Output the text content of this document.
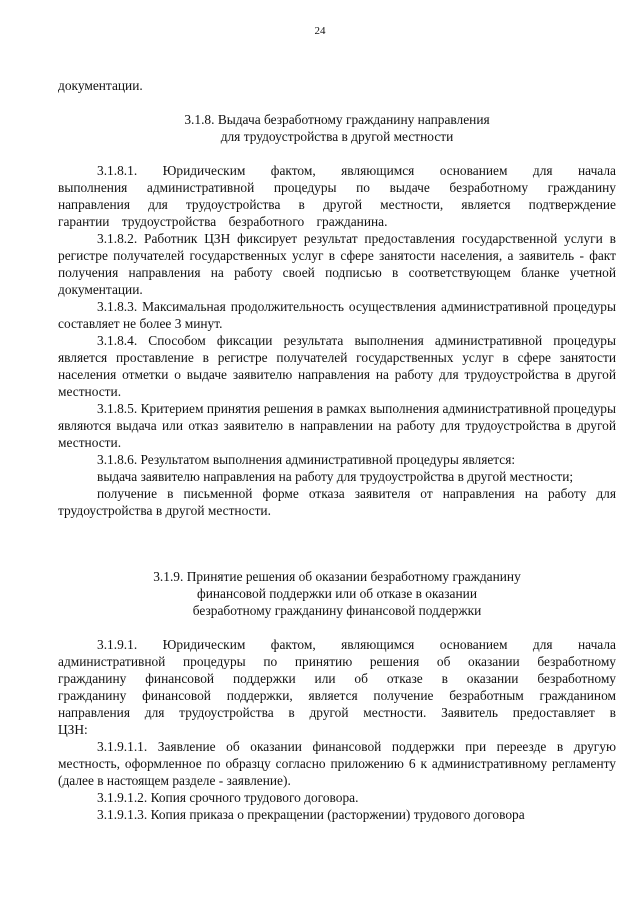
24

документации.

3.1.8. Выдача безработному гражданину направления

для трудоустройства в другой местности

3.1.8.1. Юридическим фактом, являющимся основанием для начала выполнения административной процедуры по выдаче безработному гражданину направления для трудоустройства в другой местности, является подтверждение гарантии трудоустройства безработного гражданина.

3.1.8.2. Работник ЦЗН фиксирует результат предоставления государственной услуги в регистре получателей государственных услуг в сфере занятости населения, а заявитель - факт получения направления на работу своей подписью в соответствующем бланке учетной документации.

3.1.8.3. Максимальная продолжительность осуществления административной процедуры составляет не более 3 минут.

3.1.8.4. Способом фиксации результата выполнения административной процедуры является проставление в регистре получателей государственных услуг в сфере занятости населения отметки о выдаче заявителю направления на работу для трудоустройства в другой местности.

3.1.8.5. Критерием принятия решения в рамках выполнения административной процедуры являются выдача или отказ заявителю в направлении на работу для трудоустройства в другой местности.

3.1.8.6. Результатом выполнения административной процедуры является:

выдача заявителю направления на работу для трудоустройства в другой местности;

получение в письменной форме отказа заявителя от направления на работу для трудоустройства в другой местности.

3.1.9. Принятие решения об оказании безработному гражданину

финансовой поддержки или об отказе в оказании

безработному гражданину финансовой поддержки

3.1.9.1. Юридическим фактом, являющимся основанием для начала административной процедуры по принятию решения об оказании безработному гражданину финансовой поддержки или об отказе в оказании безработному гражданину финансовой поддержки, является получение безработным гражданином направления для трудоустройства в другой местности. Заявитель предоставляет в ЦЗН:

3.1.9.1.1. Заявление об оказании финансовой поддержки при переезде в другую местность, оформленное по образцу согласно приложению 6 к административному регламенту (далее в настоящем разделе - заявление).

3.1.9.1.2. Копия срочного трудового договора.

3.1.9.1.3. Копия приказа о прекращении (расторжении) трудового договора
